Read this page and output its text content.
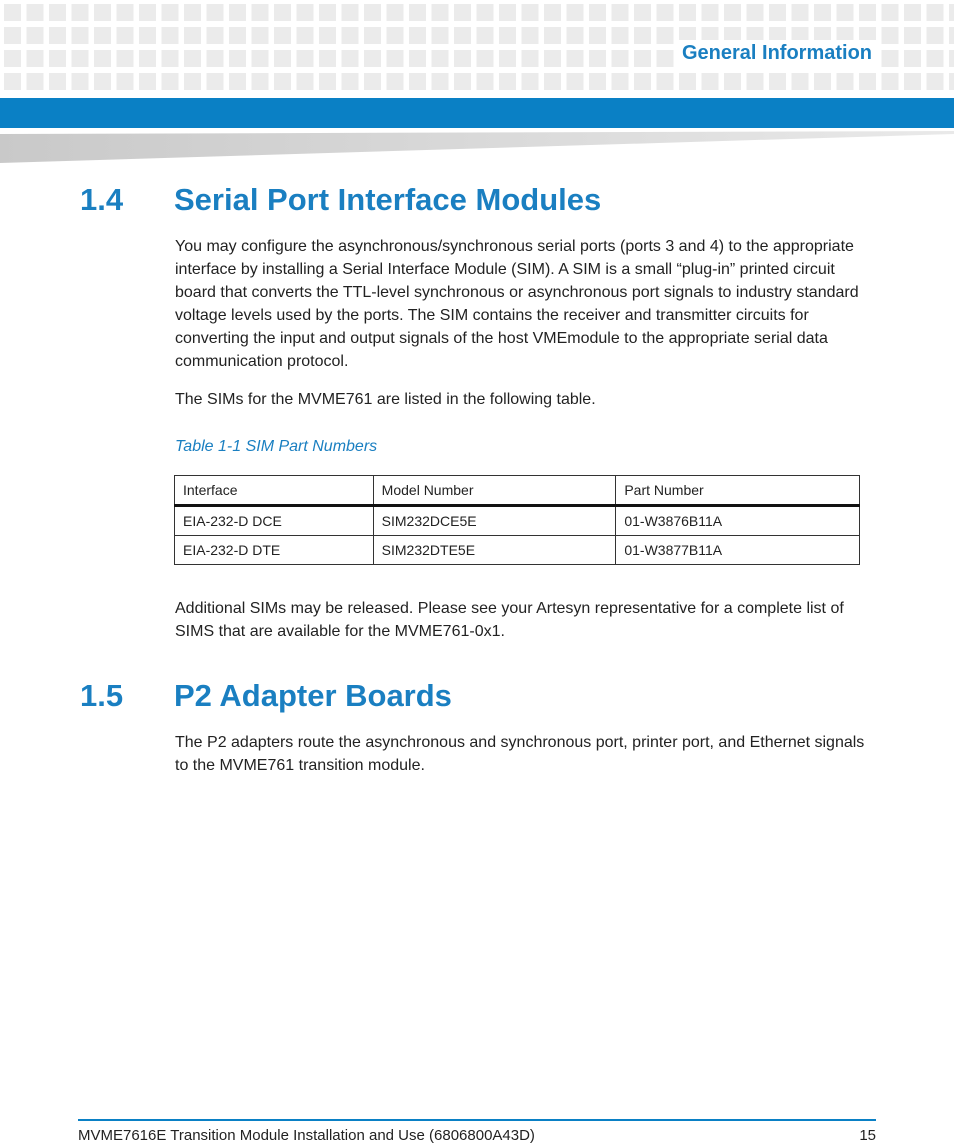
General Information
1.4 Serial Port Interface Modules

You may configure the asynchronous/synchronous serial ports (ports 3 and 4) to the appropriate interface by installing a Serial Interface Module (SIM). A SIM is a small “plug-in” printed circuit board that converts the TTL-level synchronous or asynchronous port signals to industry standard voltage levels used by the ports. The SIM contains the receiver and transmitter circuits for converting the input and output signals of the host VMEmodule to the appropriate serial data communication protocol.

The SIMs for the MVME761 are listed in the following table.

Table 1-1 SIM Part Numbers
Interface	Model Number	Part Number
EIA-232-D DCE	SIM232DCE5E	01-W3876B11A
EIA-232-D DTE	SIM232DTE5E	01-W3877B11A

Additional SIMs may be released. Please see your Artesyn representative for a complete list of SIMS that are available for the MVME761-0x1.

1.5 P2 Adapter Boards

The P2 adapters route the asynchronous and synchronous port, printer port, and Ethernet signals to the MVME761 transition module.

MVME7616E Transition Module Installation and Use (6806800A43D)	15
